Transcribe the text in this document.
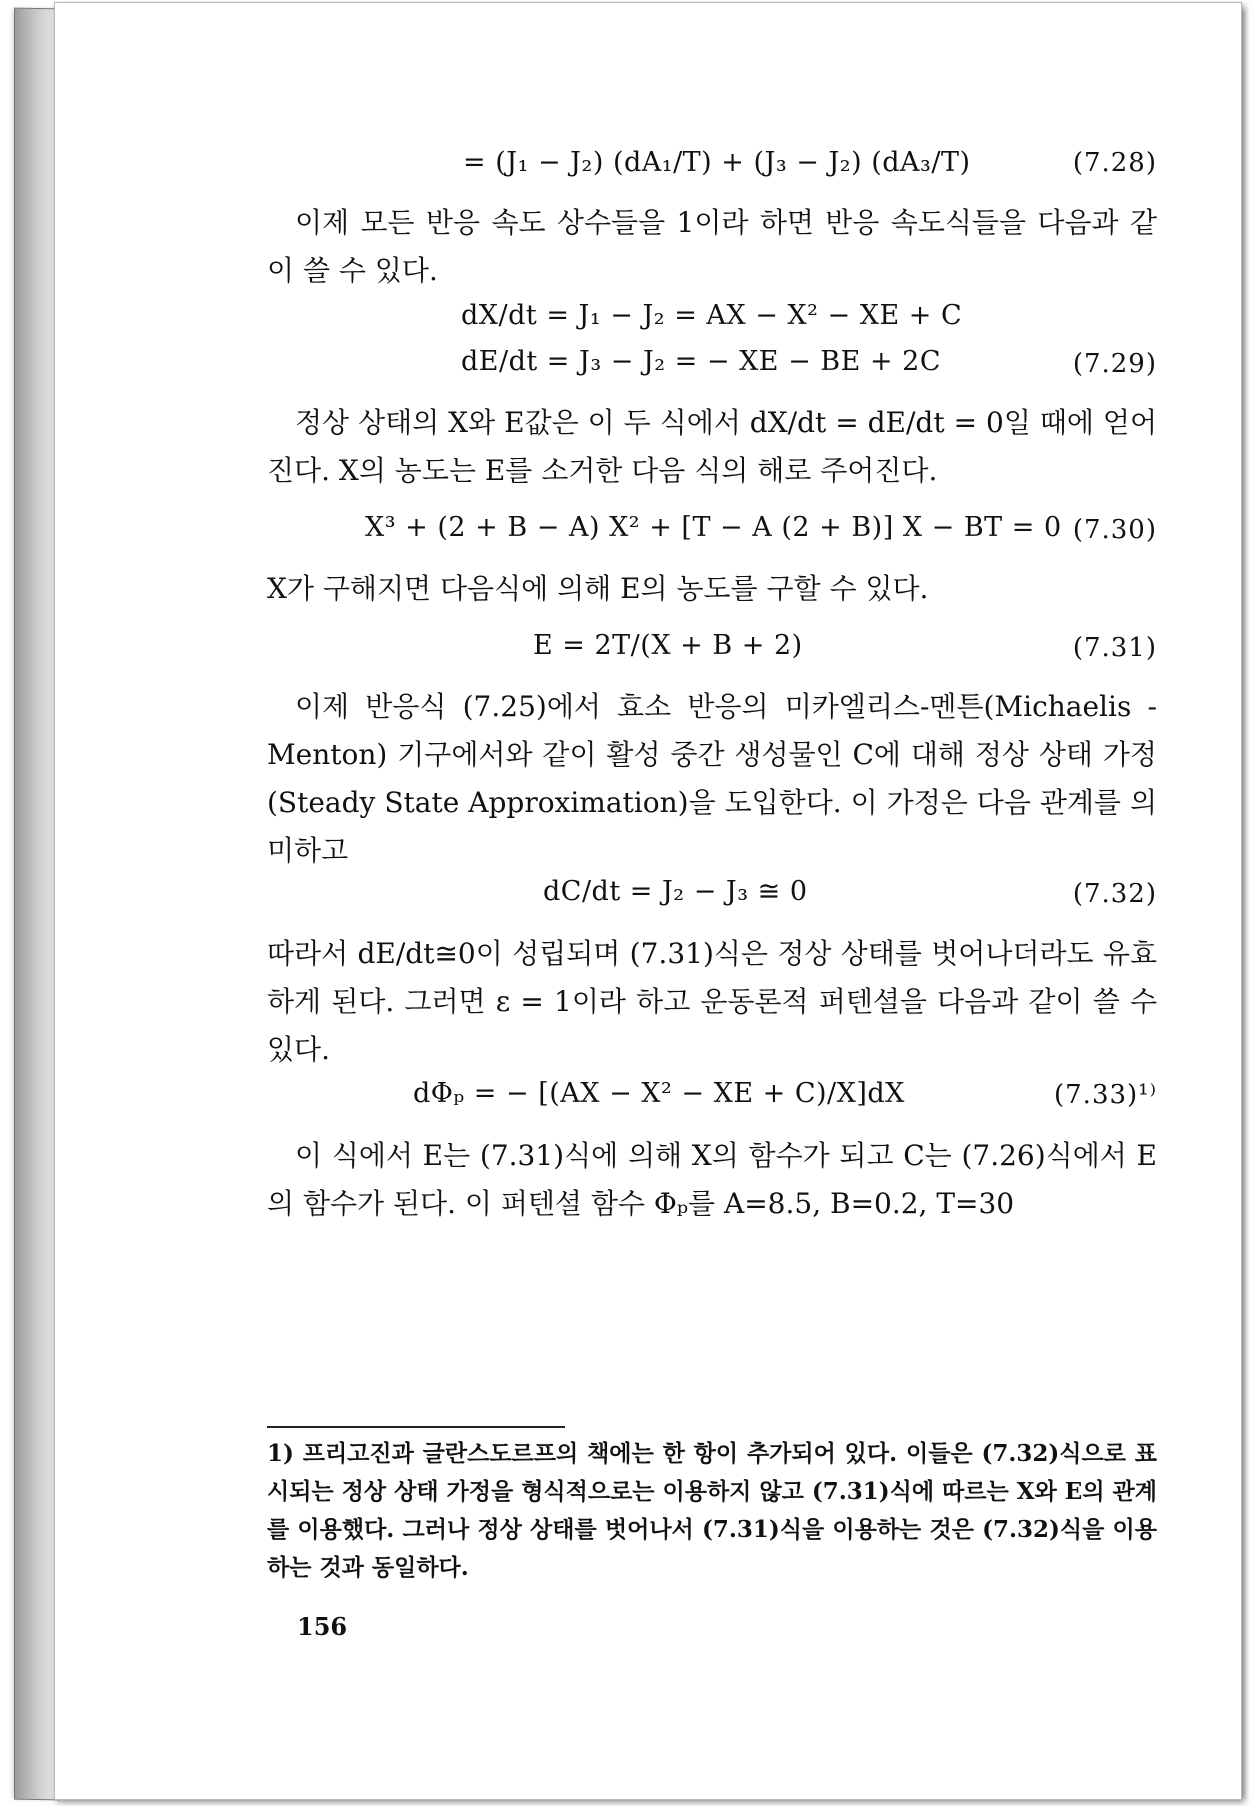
= (J₁ − J₂) (dA₁/T) + (J₃ − J₂) (dA₃/T)	(7.28)
이제 모든 반응 속도 상수들을 1이라 하면 반응 속도식들을 다음과 같이 쓸 수 있다.
dX/dt = J₁ − J₂ = AX − X² − XE + C
dE/dt = J₃ − J₂ = − XE − BE + 2C	(7.29)
정상 상태의 X와 E값은 이 두 식에서 dX/dt = dE/dt = 0일 때에 얻어진다. X의 농도는 E를 소거한 다음 식의 해로 주어진다.
X³ + (2 + B − A) X² + [T − A (2 + B)] X − BT = 0 (7.30)
X가 구해지면 다음식에 의해 E의 농도를 구할 수 있다.
E = 2T/(X + B + 2)	(7.31)
이제 반응식 (7.25)에서 효소 반응의 미카엘리스-멘튼(Michaelis -Menton) 기구에서와 같이 활성 중간 생성물인 C에 대해 정상 상태 가정(Steady State Approximation)을 도입한다. 이 가정은 다음 관계를 의미하고
dC/dt = J₂ − J₃ ≅ 0	(7.32)
따라서 dE/dt≅0이 성립되며 (7.31)식은 정상 상태를 벗어나더라도 유효하게 된다. 그러면 ε = 1이라 하고 운동론적 퍼텐셜을 다음과 같이 쓸 수 있다.
dΦₚ = − [(AX − X² − XE + C)/X]dX	(7.33)¹⁾
이 식에서 E는 (7.31)식에 의해 X의 함수가 되고 C는 (7.26)식에서 E의 함수가 된다. 이 퍼텐셜 함수 Φₚ를 A=8.5, B=0.2, T=30
1) 프리고진과 글란스도르프의 책에는 한 항이 추가되어 있다. 이들은 (7.32)식으로 표시되는 정상 상태 가정을 형식적으로는 이용하지 않고 (7.31)식에 따르는 X와 E의 관계를 이용했다. 그러나 정상 상태를 벗어나서 (7.31)식을 이용하는 것은 (7.32)식을 이용하는 것과 동일하다.
156
